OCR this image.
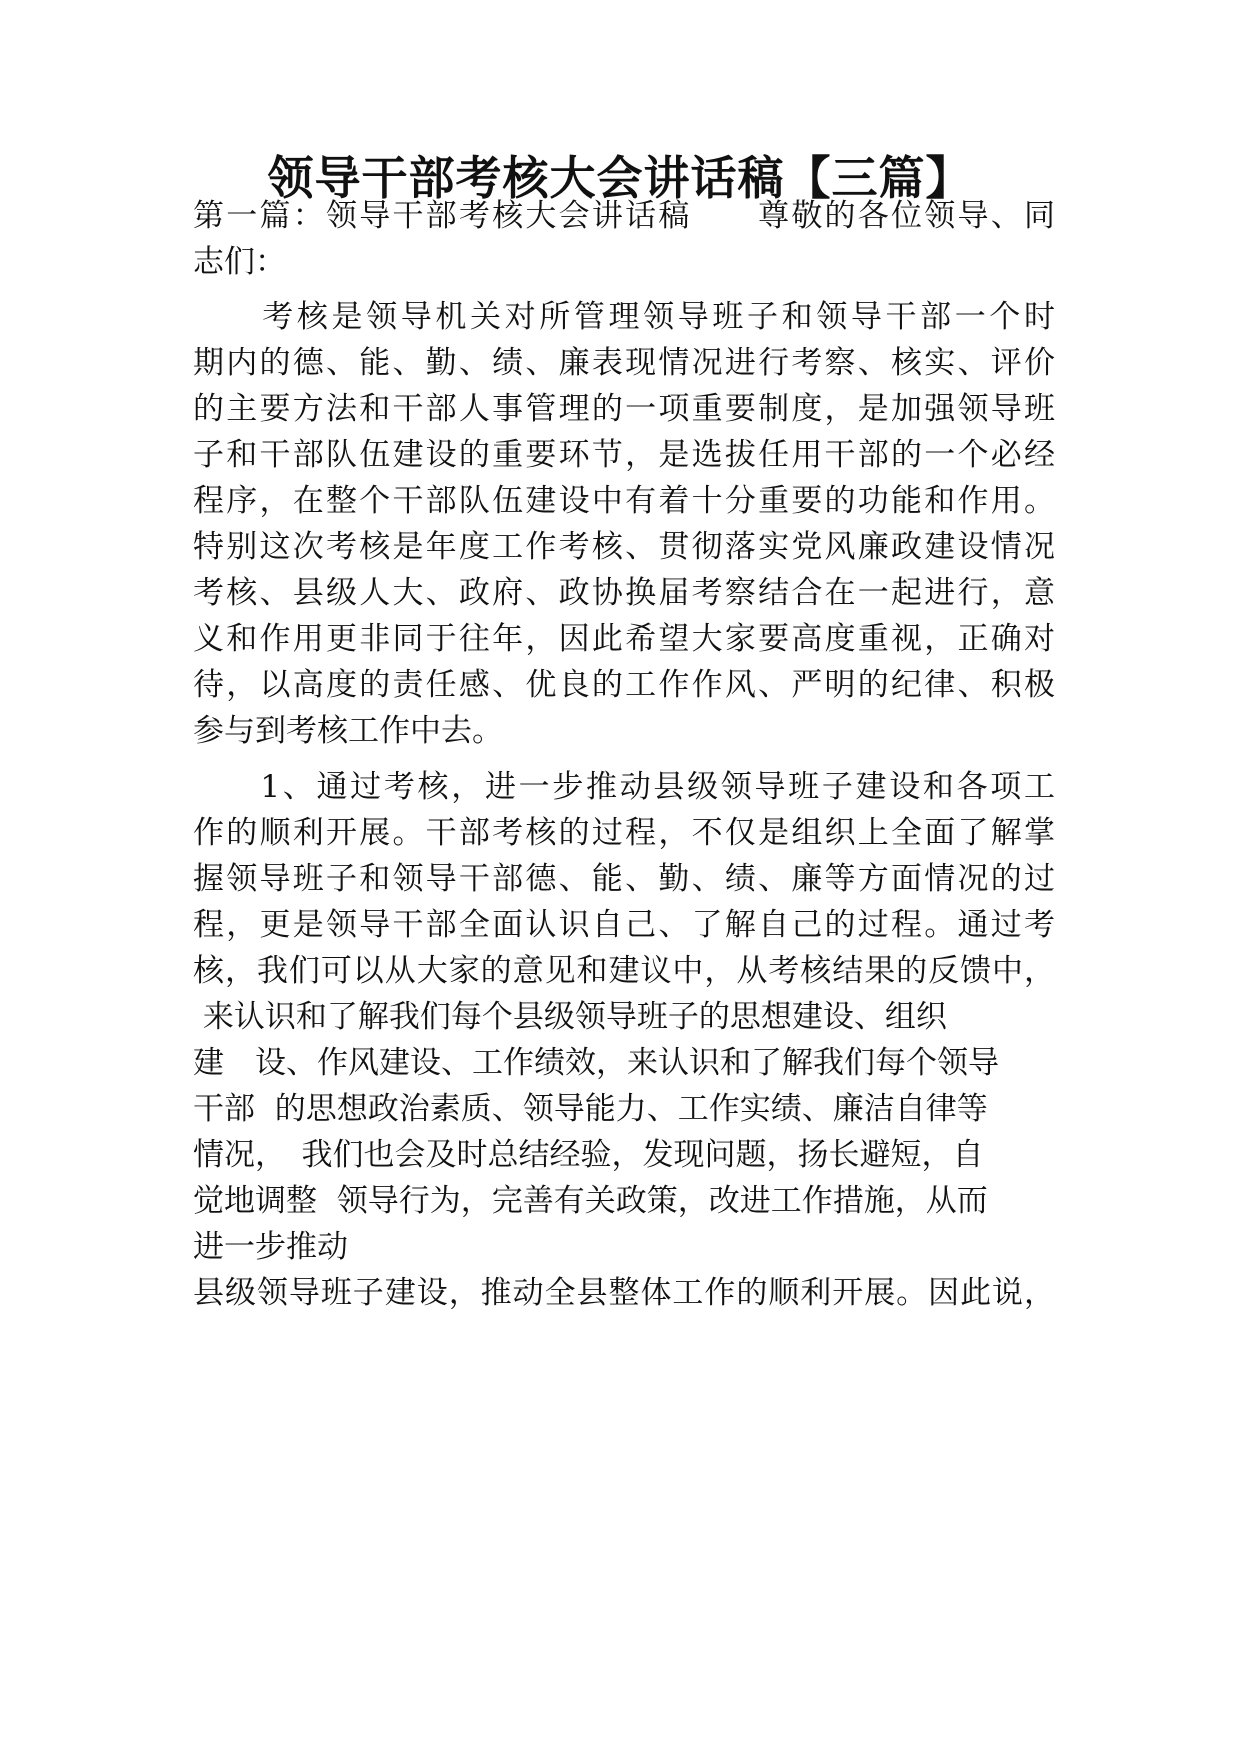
领导干部考核大会讲话稿【三篇】
第一篇：领导干部考核大会讲话稿　　尊敬的各位领导、同
志们：
　　考核是领导机关对所管理领导班子和领导干部一个时
期内的德、能、勤、绩、廉表现情况进行考察、核实、评价
的主要方法和干部人事管理的一项重要制度，是加强领导班
子和干部队伍建设的重要环节，是选拔任用干部的一个必经
程序，在整个干部队伍建设中有着十分重要的功能和作用。
特别这次考核是年度工作考核、贯彻落实党风廉政建设情况
考核、县级人大、政府、政协换届考察结合在一起进行，意
义和作用更非同于往年，因此希望大家要高度重视，正确对
待，以高度的责任感、优良的工作作风、严明的纪律、积极
参与到考核工作中去。
　　1、通过考核，进一步推动县级领导班子建设和各项工
作的顺利开展。干部考核的过程，不仅是组织上全面了解掌
握领导班子和领导干部德、能、勤、绩、廉等方面情况的过
程，更是领导干部全面认识自己、了解自己的过程。通过考
核，我们可以从大家的意见和建议中，从考核结果的反馈中，
来认识和了解我们每个县级领导班子的思想建设、组织
建　设、作风建设、工作绩效，来认识和了解我们每个领导
干部  的思想政治素质、领导能力、工作实绩、廉洁自律等
情况，　我们也会及时总结经验，发现问题，扬长避短，自
觉地调整  领导行为，完善有关政策，改进工作措施，从而
进一步推动
县级领导班子建设，推动全县整体工作的顺利开展。因此说，
